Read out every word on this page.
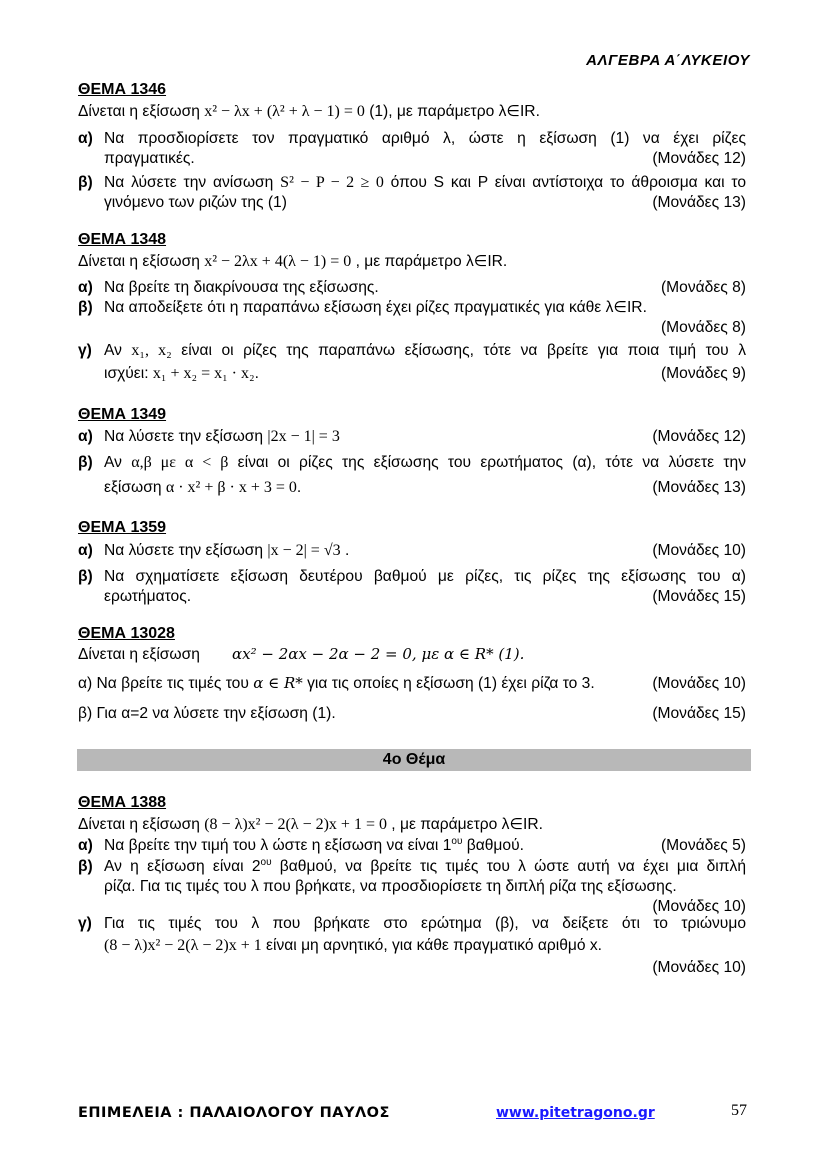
ΑΛΓΕΒΡΑ Α΄ΛΥΚΕΙΟΥ
ΘΕΜΑ 1346
Δίνεται η εξίσωση x² − λx + (λ² + λ − 1) = 0 (1), με παράμετρο λ∈IR.
α) Να προσδιορίσετε τον πραγματικό αριθμό λ, ώστε η εξίσωση (1) να έχει ρίζες
πραγματικές.	(Μονάδες 12)
β) Να λύσετε την ανίσωση S² − P − 2 ≥ 0 όπου S και P είναι αντίστοιχα το άθροισμα και το
γινόμενο των ριζών της (1)	(Μονάδες 13)
ΘΕΜΑ 1348
Δίνεται η εξίσωση x² − 2λx + 4(λ − 1) = 0 , με παράμετρο λ∈IR.
α) Να βρείτε τη διακρίνουσα της εξίσωσης.	(Μονάδες 8)
β) Να αποδείξετε ότι η παραπάνω εξίσωση έχει ρίζες πραγματικές για κάθε λ∈IR.
(Μονάδες 8)
γ) Αν x₁, x₂ είναι οι ρίζες της παραπάνω εξίσωσης, τότε να βρείτε για ποια τιμή του λ
ισχύει: x₁ + x₂ = x₁ · x₂.	(Μονάδες 9)
ΘΕΜΑ 1349
α) Να λύσετε την εξίσωση |2x − 1| = 3	(Μονάδες 12)
β) Αν α,β με α < β είναι οι ρίζες της εξίσωσης του ερωτήματος (α), τότε να λύσετε την
εξίσωση α · x² + β · x + 3 = 0.	(Μονάδες 13)
ΘΕΜΑ 1359
α) Να λύσετε την εξίσωση |x − 2| = √3 .	(Μονάδες 10)
β) Να σχηματίσετε εξίσωση δευτέρου βαθμού με ρίζες, τις ρίζες της εξίσωσης του α)
ερωτήματος.	(Μονάδες 15)
ΘΕΜΑ 13028
Δίνεται η εξίσωση αx² − 2αx − 2α − 2 = 0, με α ∈ R* (1).
α) Να βρείτε τις τιμές του α ∈ R* για τις οποίες η εξίσωση (1) έχει ρίζα το 3.	(Μονάδες 10)
β) Για α=2 να λύσετε την εξίσωση (1).	(Μονάδες 15)
4ο Θέμα
ΘΕΜΑ 1388
Δίνεται η εξίσωση (8 − λ)x² − 2(λ − 2)x + 1 = 0 , με παράμετρο λ∈IR.
α) Να βρείτε την τιμή του λ ώστε η εξίσωση να είναι $1^{o\upsilon}$ βαθμού.	(Μονάδες 5)
β) Αν η εξίσωση είναι $2^{o\upsilon}$ βαθμού, να βρείτε τις τιμές του λ ώστε αυτή να έχει μια διπλή
ρίζα. Για τις τιμές του λ που βρήκατε, να προσδιορίσετε τη διπλή ρίζα της εξίσωσης.
(Μονάδες 10)
γ) Για τις τιμές του λ που βρήκατε στο ερώτημα (β), να δείξετε ότι το τριώνυμο
(8 − λ)x² − 2(λ − 2)x + 1 είναι μη αρνητικό, για κάθε πραγματικό αριθμό x.
(Μονάδες 10)
ΕΠΙΜΕΛΕΙΑ : ΠΑΛΑΙΟΛΟΓΟΥ ΠΑΥΛΟΣ	www.pitetragono.gr	57
